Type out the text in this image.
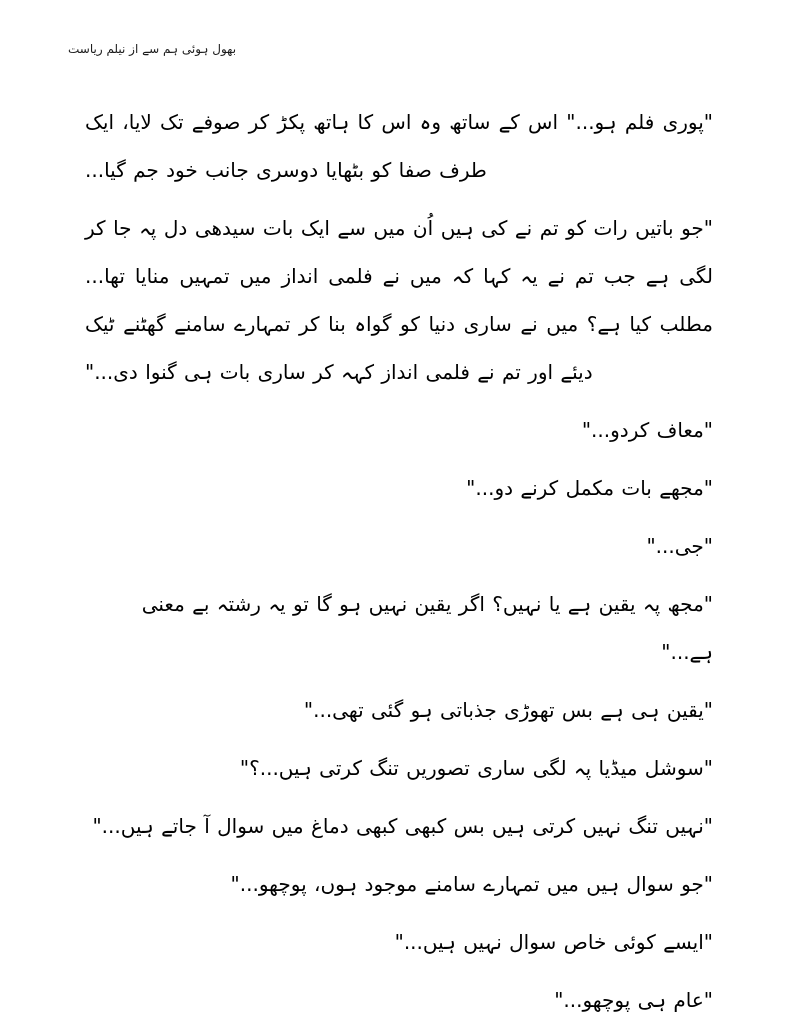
بھول ہوئی ہم سے از نیلم ریاست

"پوری فلم ہو..." اس کے ساتھ وہ اس کا ہاتھ پکڑ کر صوفے تک لایا، ایک طرف صفا کو بٹھایا دوسری جانب خود جم گیا...

"جو باتیں رات کو تم نے کی ہیں اُن میں سے ایک بات سیدھی دل پہ جا کر لگی ہے جب تم نے یہ کہا کہ میں نے فلمی انداز میں تمہیں منایا تھا... مطلب کیا ہے؟ میں نے ساری دنیا کو گواہ بنا کر تمہارے سامنے گھٹنے ٹیک دیئے اور تم نے فلمی انداز کہہ کر ساری بات ہی گنوا دی..."

"معاف کردو..."

"مجھے بات مکمل کرنے دو..."

"جی..."

"مجھ پہ یقین ہے یا نہیں؟ اگر یقین نہیں ہو گا تو یہ رشتہ بے معنی ہے..."

"یقین ہی ہے بس تھوڑی جذباتی ہو گئی تھی..."

"سوشل میڈیا پہ لگی ساری تصوریں تنگ کرتی ہیں...؟"

"نہیں تنگ نہیں کرتی ہیں بس کبھی کبھی دماغ میں سوال آ جاتے ہیں..."

"جو سوال ہیں میں تمہارے سامنے موجود ہوں، پوچھو..."

"ایسے کوئی خاص سوال نہیں ہیں..."

"عام ہی پوچھو..."
